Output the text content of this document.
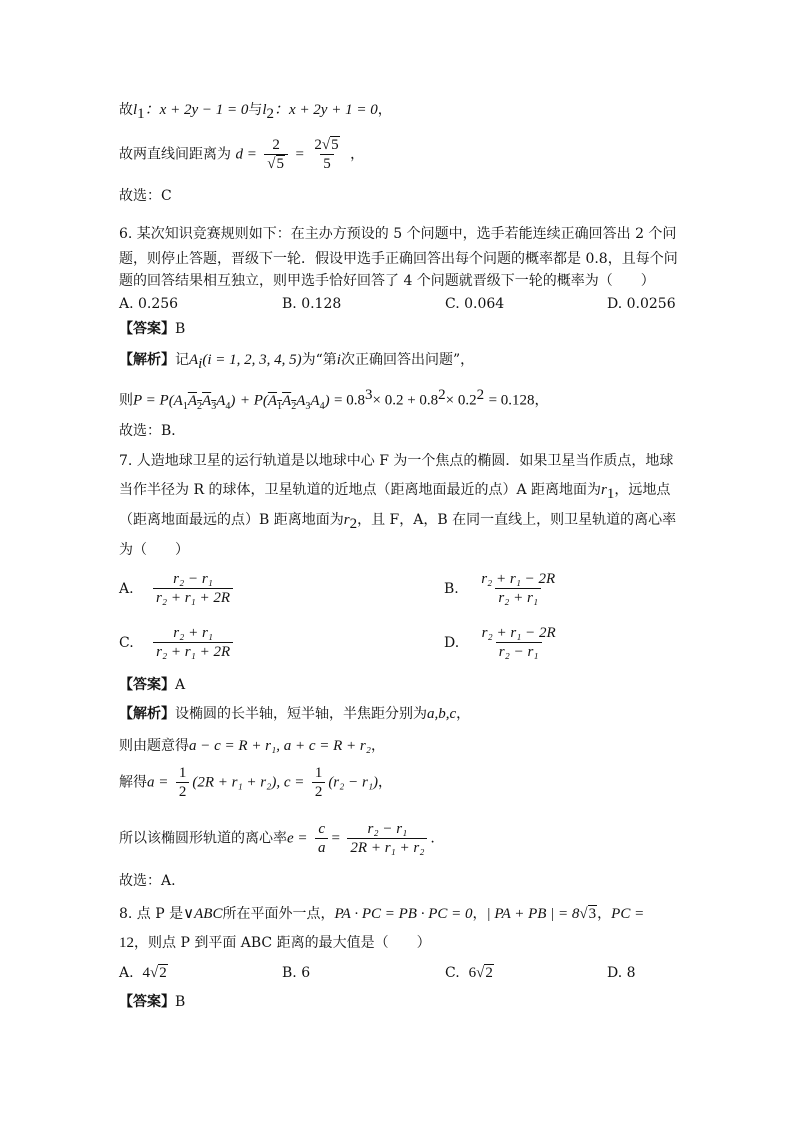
故$l_1$：x + 2y − 1 = 0与$l_2$：x + 2y + 1 = 0，
故两直线间距离为 $d = \frac{2}{√5} = \frac{2√5}{5}$ ，
故选：C
6. 某次知识竞赛规则如下：在主办方预设的 5 个问题中，选手若能连续正确回答出 2 个问
题，则停止答题，晋级下一轮．假设甲选手正确回答出每个问题的概率都是 0.8，且每个问
题的回答结果相互独立，则甲选手恰好回答了 4 个问题就晋级下一轮的概率为（　　）
A. 0.256	B. 0.128	C. 0.064	D. 0.0256
【答案】B
【解析】记$A_i(i = 1$, 2, 3, 4, 5)为“第i次正确回答出问题”，
则$P = P(A_1A_2A_3A_4) + P(A_1A_2A_3A_4) = 0.8^3\times 0.2 + 0.8^2\times 0.2^2 = 0.128$，
故选：B．
7. 人造地球卫星的运行轨道是以地球中心 F 为一个焦点的椭圆．如果卫星当作质点，地球
当作半径为 R 的球体，卫星轨道的近地点（距离地面最近的点）A 距离地面为$r_1$，远地点
（距离地面最远的点）B 距离地面为$r_2$，且 F，A，B 在同一直线上，则卫星轨道的离心率
为（　　）
A. $\frac{\text{r₂ − r₁}}{\text{r₂ + r₁ + 2R}}$	B. $\frac{\text{r₂ + r₁ − 2R}}{\text{r₂ + r₁}}$
C. $\frac{\text{r₂ + r₁}}{\text{r₂ + r₁ + 2R}}$	D. $\frac{\text{r₂ + r₁ − 2R}}{\text{r₂ − r₁}}$
【答案】A
【解析】设椭圆的长半轴，短半轴，半焦距分别为a,b,c，
则由题意得a − c = R + r₁, a + c = R + r₂，
解得$a = \frac{1}{2} (2R + r_1 + r_2)$, $c = \frac{1}{2} (r_2 - r_1)$，
所以该椭圆形轨道的离心率$e = \frac{c}{a} = \frac{\text{r₂ − r₁}}{\text{2R + r₁ + r₂}}$ .
故选：A.
8. 点 P 是∨ABC所在平面外一点，PA · PC = PB · PC = 0，| PA + PB | = 8√3，PC =
12，则点 P 到平面 ABC 距离的最大值是（　　）
A. 4√2	B. 6	C. 6√2	D. 8
【答案】B
